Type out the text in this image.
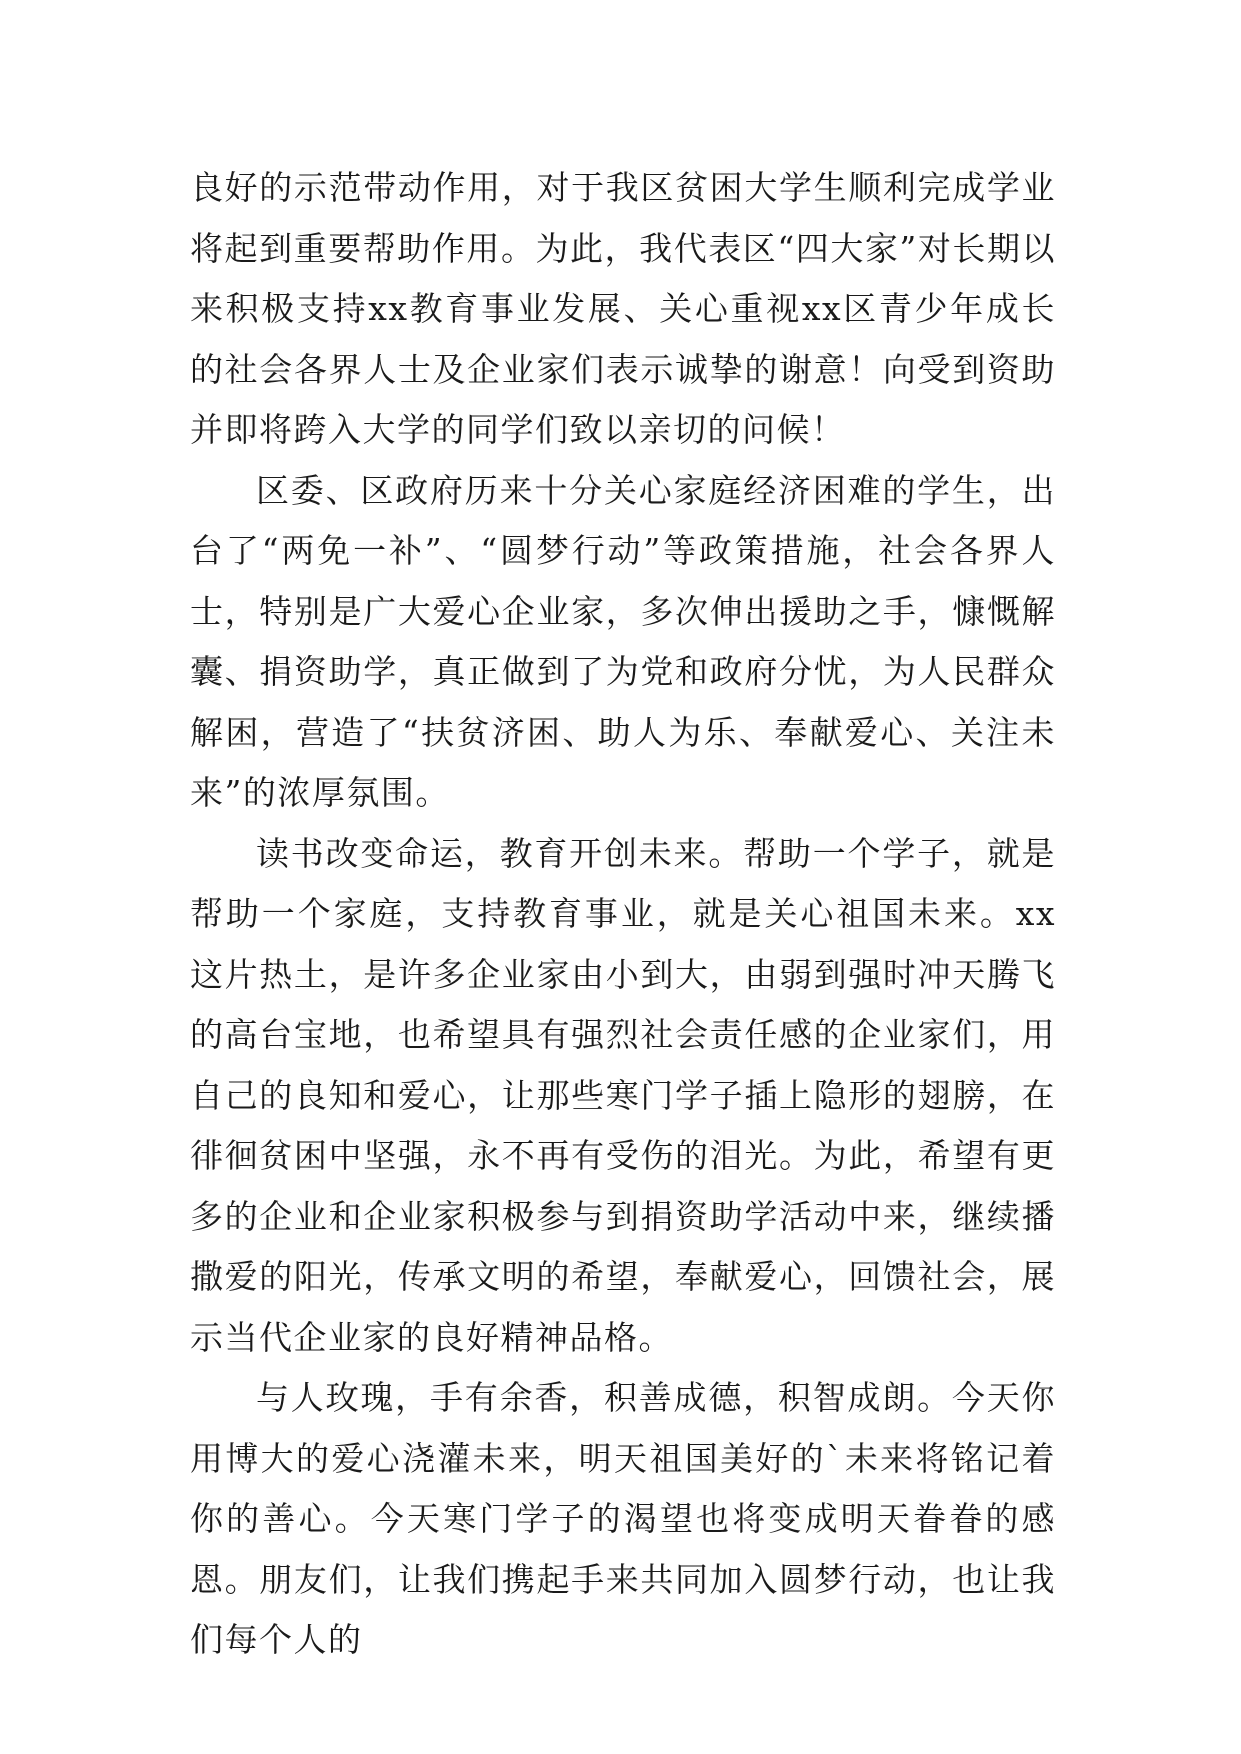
良好的示范带动作用，对于我区贫困大学生顺利完成学业将起到重要帮助作用。为此，我代表区“四大家”对长期以来积极支持xx教育事业发展、关心重视xx区青少年成长的社会各界人士及企业家们表示诚挚的谢意！向受到资助并即将跨入大学的同学们致以亲切的问候！

区委、区政府历来十分关心家庭经济困难的学生，出台了“两免一补”、“圆梦行动”等政策措施，社会各界人士，特别是广大爱心企业家，多次伸出援助之手，慷慨解囊、捐资助学，真正做到了为党和政府分忧，为人民群众解困，营造了“扶贫济困、助人为乐、奉献爱心、关注未来”的浓厚氛围。

读书改变命运，教育开创未来。帮助一个学子，就是帮助一个家庭，支持教育事业，就是关心祖国未来。xx这片热土，是许多企业家由小到大，由弱到强时冲天腾飞的高台宝地，也希望具有强烈社会责任感的企业家们，用自己的良知和爱心，让那些寒门学子插上隐形的翅膀，在徘徊贫困中坚强，永不再有受伤的泪光。为此，希望有更多的企业和企业家积极参与到捐资助学活动中来，继续播撒爱的阳光，传承文明的希望，奉献爱心，回馈社会，展示当代企业家的良好精神品格。

与人玫瑰，手有余香，积善成德，积智成朗。今天你用博大的爱心浇灌未来，明天祖国美好的`未来将铭记着你的善心。今天寒门学子的渴望也将变成明天眷眷的感恩。朋友们，让我们携起手来共同加入圆梦行动，也让我们每个人的
